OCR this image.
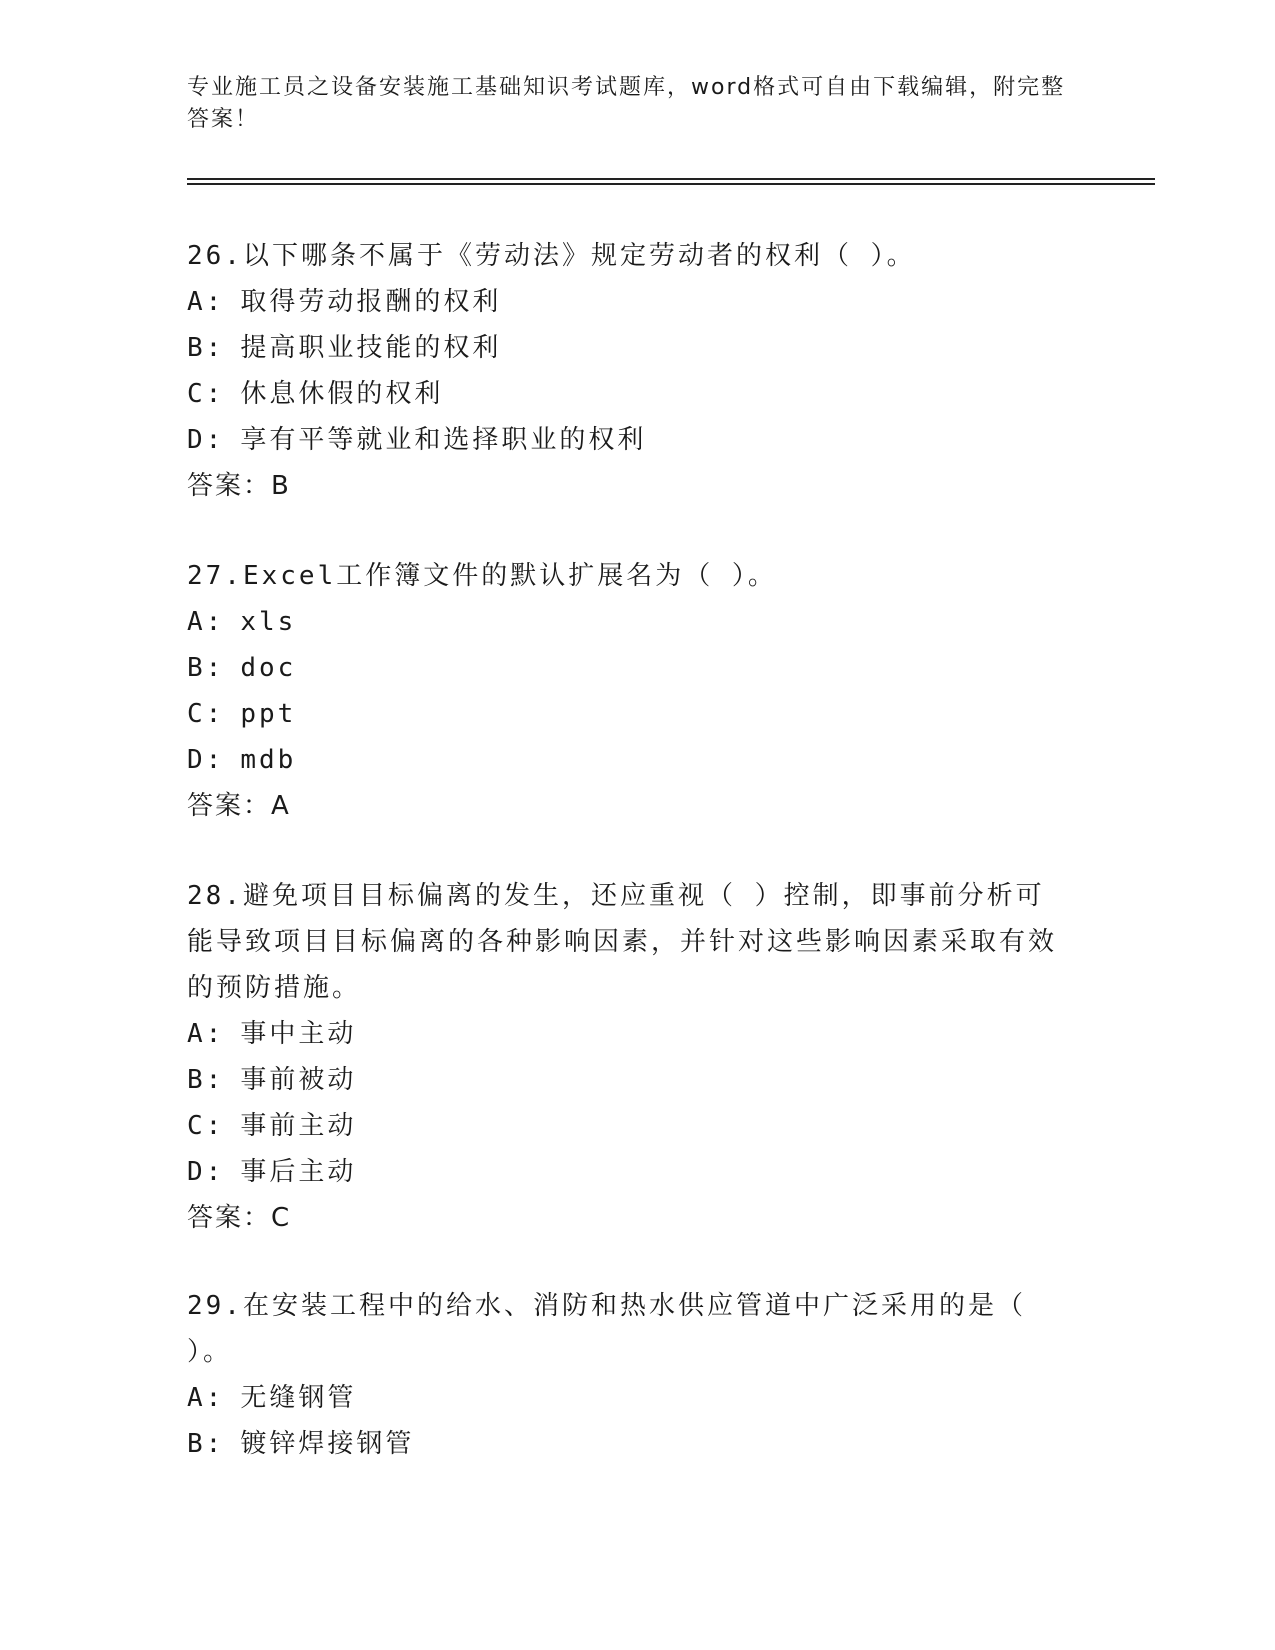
专业施工员之设备安装施工基础知识考试题库，word格式可自由下载编辑，附完整答案！

26.以下哪条不属于《劳动法》规定劳动者的权利（ ）。

A: 取得劳动报酬的权利

B: 提高职业技能的权利

C: 休息休假的权利

D: 享有平等就业和选择职业的权利

答案：B

27.Excel工作簿文件的默认扩展名为（ ）。

A: xls

B: doc

C: ppt

D: mdb

答案：A

28.避免项目目标偏离的发生，还应重视（ ）控制，即事前分析可能导致项目目标偏离的各种影响因素，并针对这些影响因素采取有效的预防措施。

A: 事中主动

B: 事前被动

C: 事前主动

D: 事后主动

答案：C

29.在安装工程中的给水、消防和热水供应管道中广泛采用的是（ ）。

A: 无缝钢管

B: 镀锌焊接钢管
